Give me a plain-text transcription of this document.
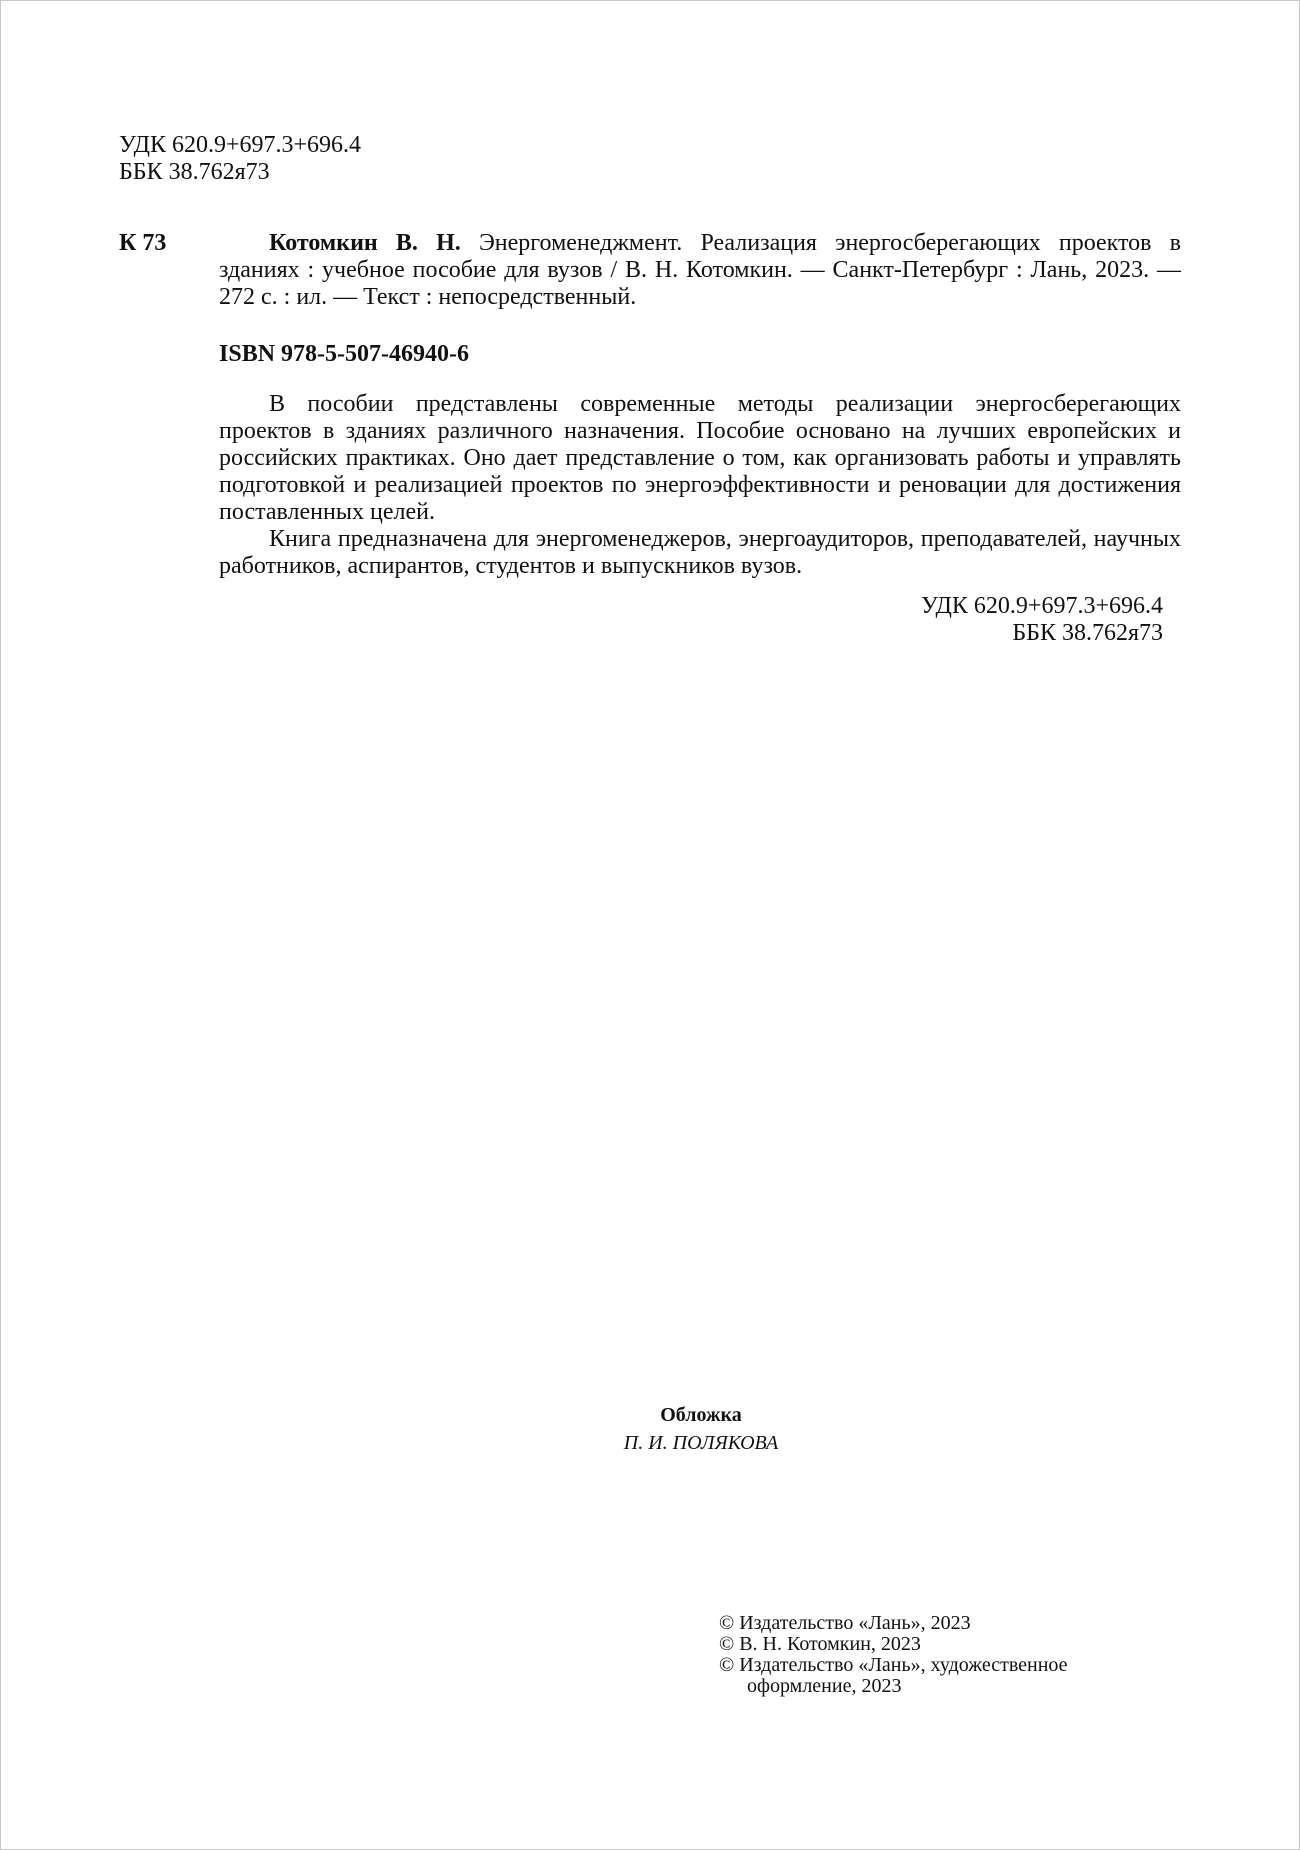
УДК 620.9+697.3+696.4
ББК 38.762я73
К 73	Котомкин В. Н. Энергоменеджмент. Реализация энергосберегающих проектов в зданиях : учебное пособие для вузов / В. Н. Котомкин. — Санкт-Петербург : Лань, 2023. — 272 с. : ил. — Текст : непосредственный.
ISBN 978-5-507-46940-6

В пособии представлены современные методы реализации энергосберегающих проектов в зданиях различного назначения. Пособие основано на лучших европейских и российских практиках. Оно дает представление о том, как организовать работы и управлять подготовкой и реализацией проектов по энергоэффективности и реновации для достижения поставленных целей.

Книга предназначена для энергоменеджеров, энергоаудиторов, преподавателей, научных работников, аспирантов, студентов и выпускников вузов.

УДК 620.9+697.3+696.4
ББК 38.762я73
Обложка
П. И. ПОЛЯКОВА
© Издательство «Лань», 2023
© В. Н. Котомкин, 2023
© Издательство «Лань», художественное
оформление, 2023
